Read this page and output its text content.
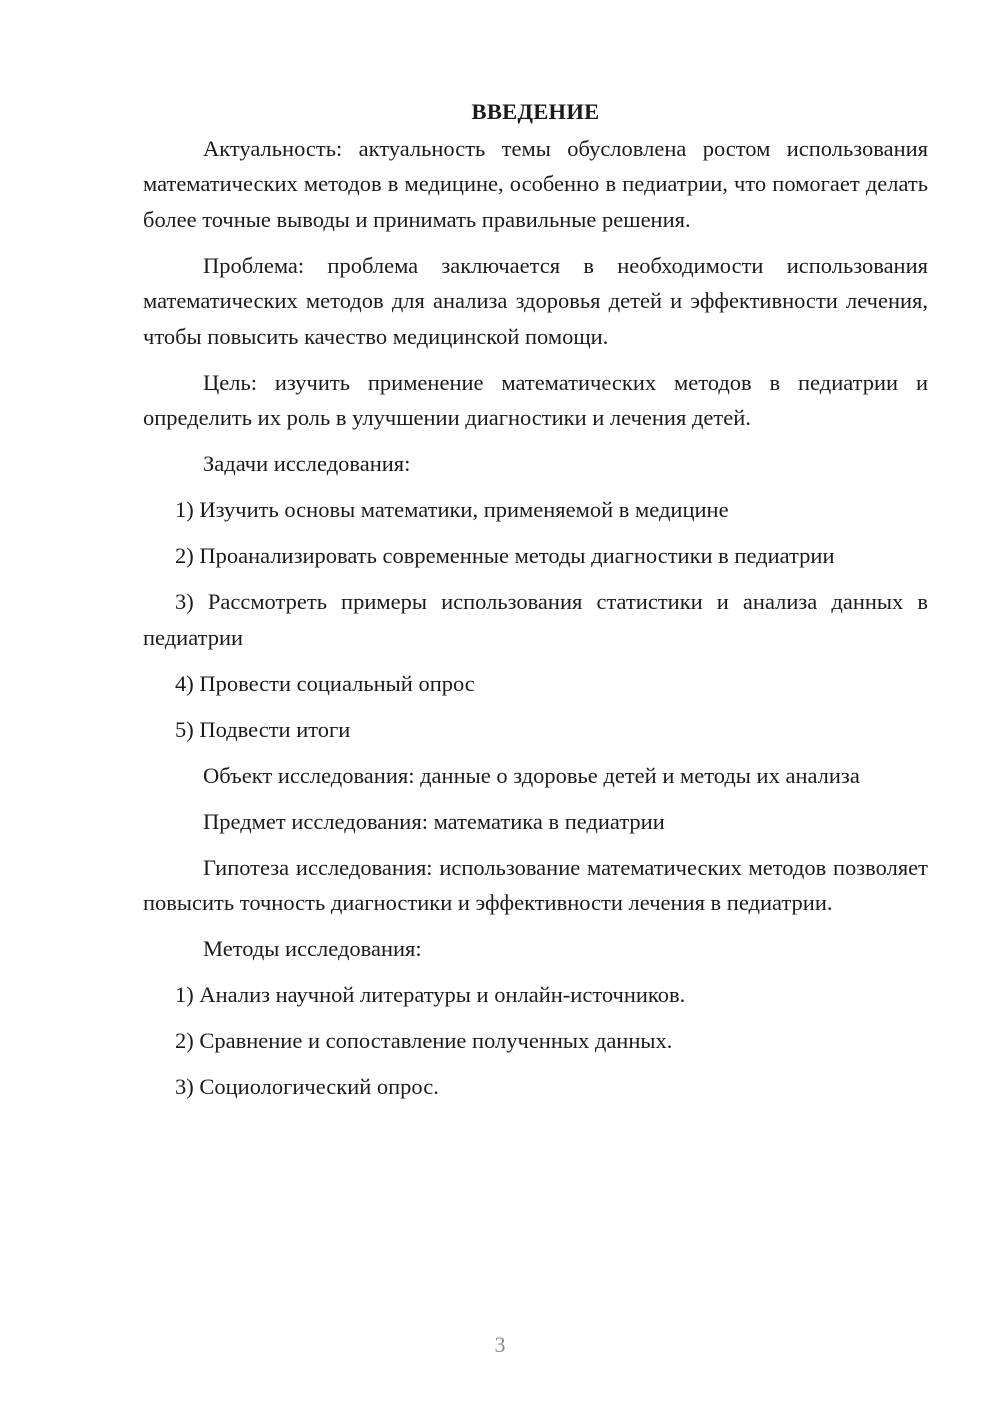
ВВЕДЕНИЕ

Актуальность: актуальность темы обусловлена ростом использования математических методов в медицине, особенно в педиатрии, что помогает делать более точные выводы и принимать правильные решения.

Проблема: проблема заключается в необходимости использования математических методов для анализа здоровья детей и эффективности лечения, чтобы повысить качество медицинской помощи.

Цель: изучить применение математических методов в педиатрии и определить их роль в улучшении диагностики и лечения детей.

Задачи исследования:

1) Изучить основы математики, применяемой в медицине

2) Проанализировать современные методы диагностики в педиатрии

3) Рассмотреть примеры использования статистики и анализа данных в педиатрии

4) Провести социальный опрос

5) Подвести итоги

Объект исследования: данные о здоровье детей и методы их анализа

Предмет исследования: математика в педиатрии

Гипотеза исследования: использование математических методов позволяет повысить точность диагностики и эффективности лечения в педиатрии.

Методы исследования:

1) Анализ научной литературы и онлайн-источников.

2) Сравнение и сопоставление полученных данных.

3) Социологический опрос.

3
